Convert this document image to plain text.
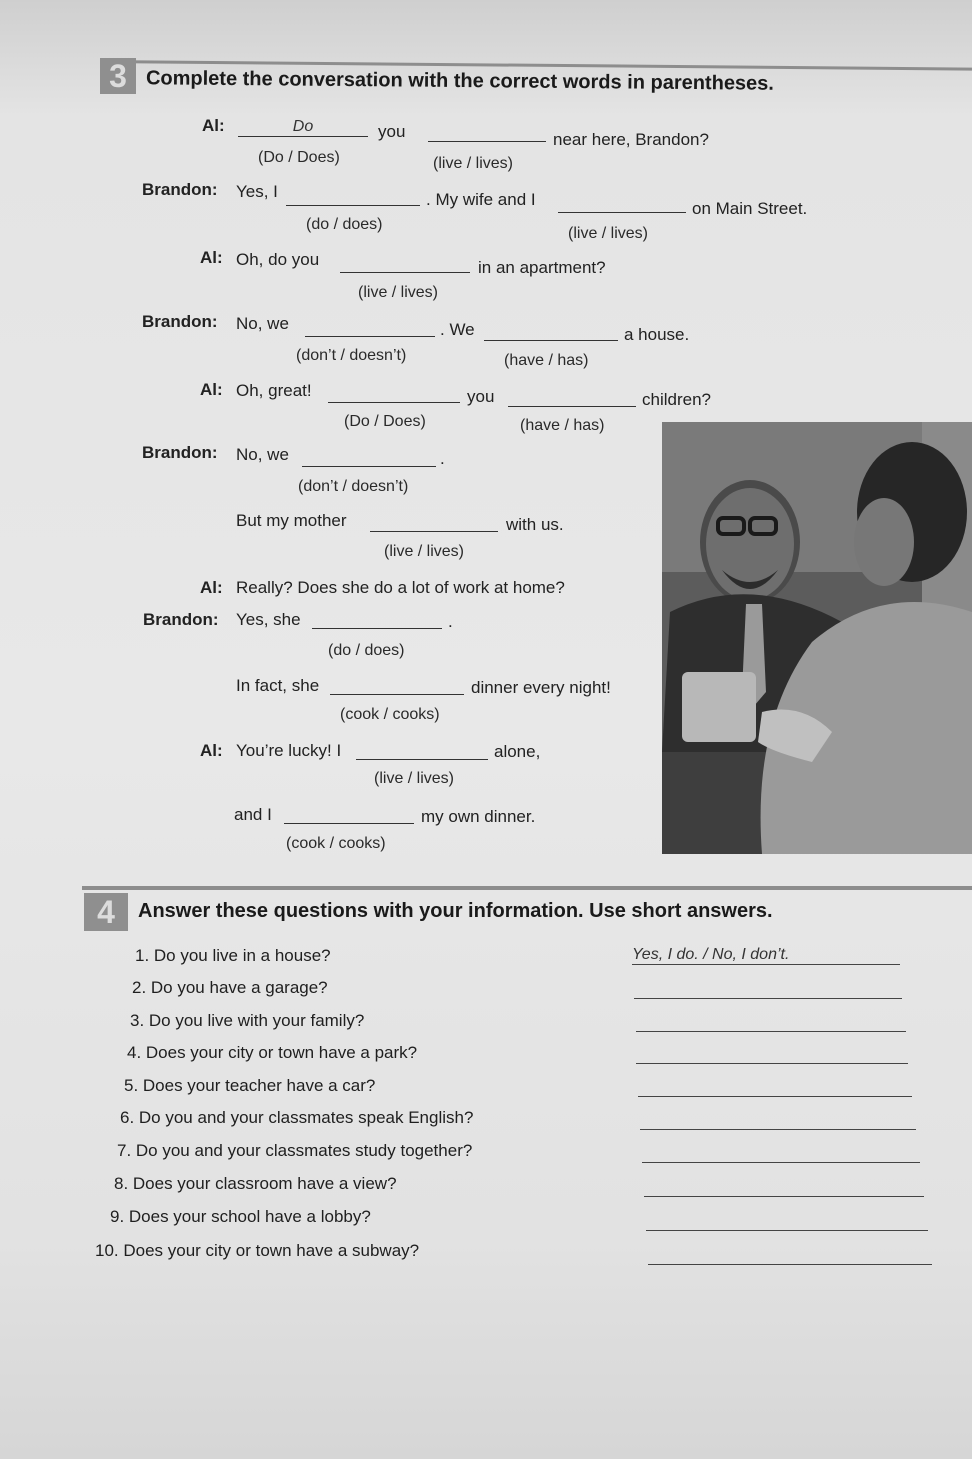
3 Complete the conversation with the correct words in parentheses.
Al:	Do	you	near here, Brandon?
(Do / Does)	(live / lives)
Brandon: Yes, I	. My wife and I	on Main Street.
(do / does)
(live / lives)
Al: Oh, do you	in an apartment?
(live / lives)
Brandon: No, we	. We	a house.
(don’t / doesn’t)	(have / has)
Al: Oh, great!	you	children?
(Do / Does)	(have / has)
Brandon: No, we	.
(don’t / doesn’t)
But my mother	with us.
(live / lives)
Al: Really? Does she do a lot of work at home?
Brandon: Yes, she	.
(do / does)
In fact, she	dinner every night!
(cook / cooks)
Al: You’re lucky! I	alone,
(live / lives)
and I	my own dinner.
(cook / cooks)
4	Answer these questions with your information. Use short answers.
1. Do you live in a house?	Yes, I do. / No, I don’t.
2. Do you have a garage?
3. Do you live with your family?
4. Does your city or town have a park?
5. Does your teacher have a car?
6. Do you and your classmates speak English?
7. Do you and your classmates study together?
8. Does your classroom have a view?
9. Does your school have a lobby?
10. Does your city or town have a subway?
